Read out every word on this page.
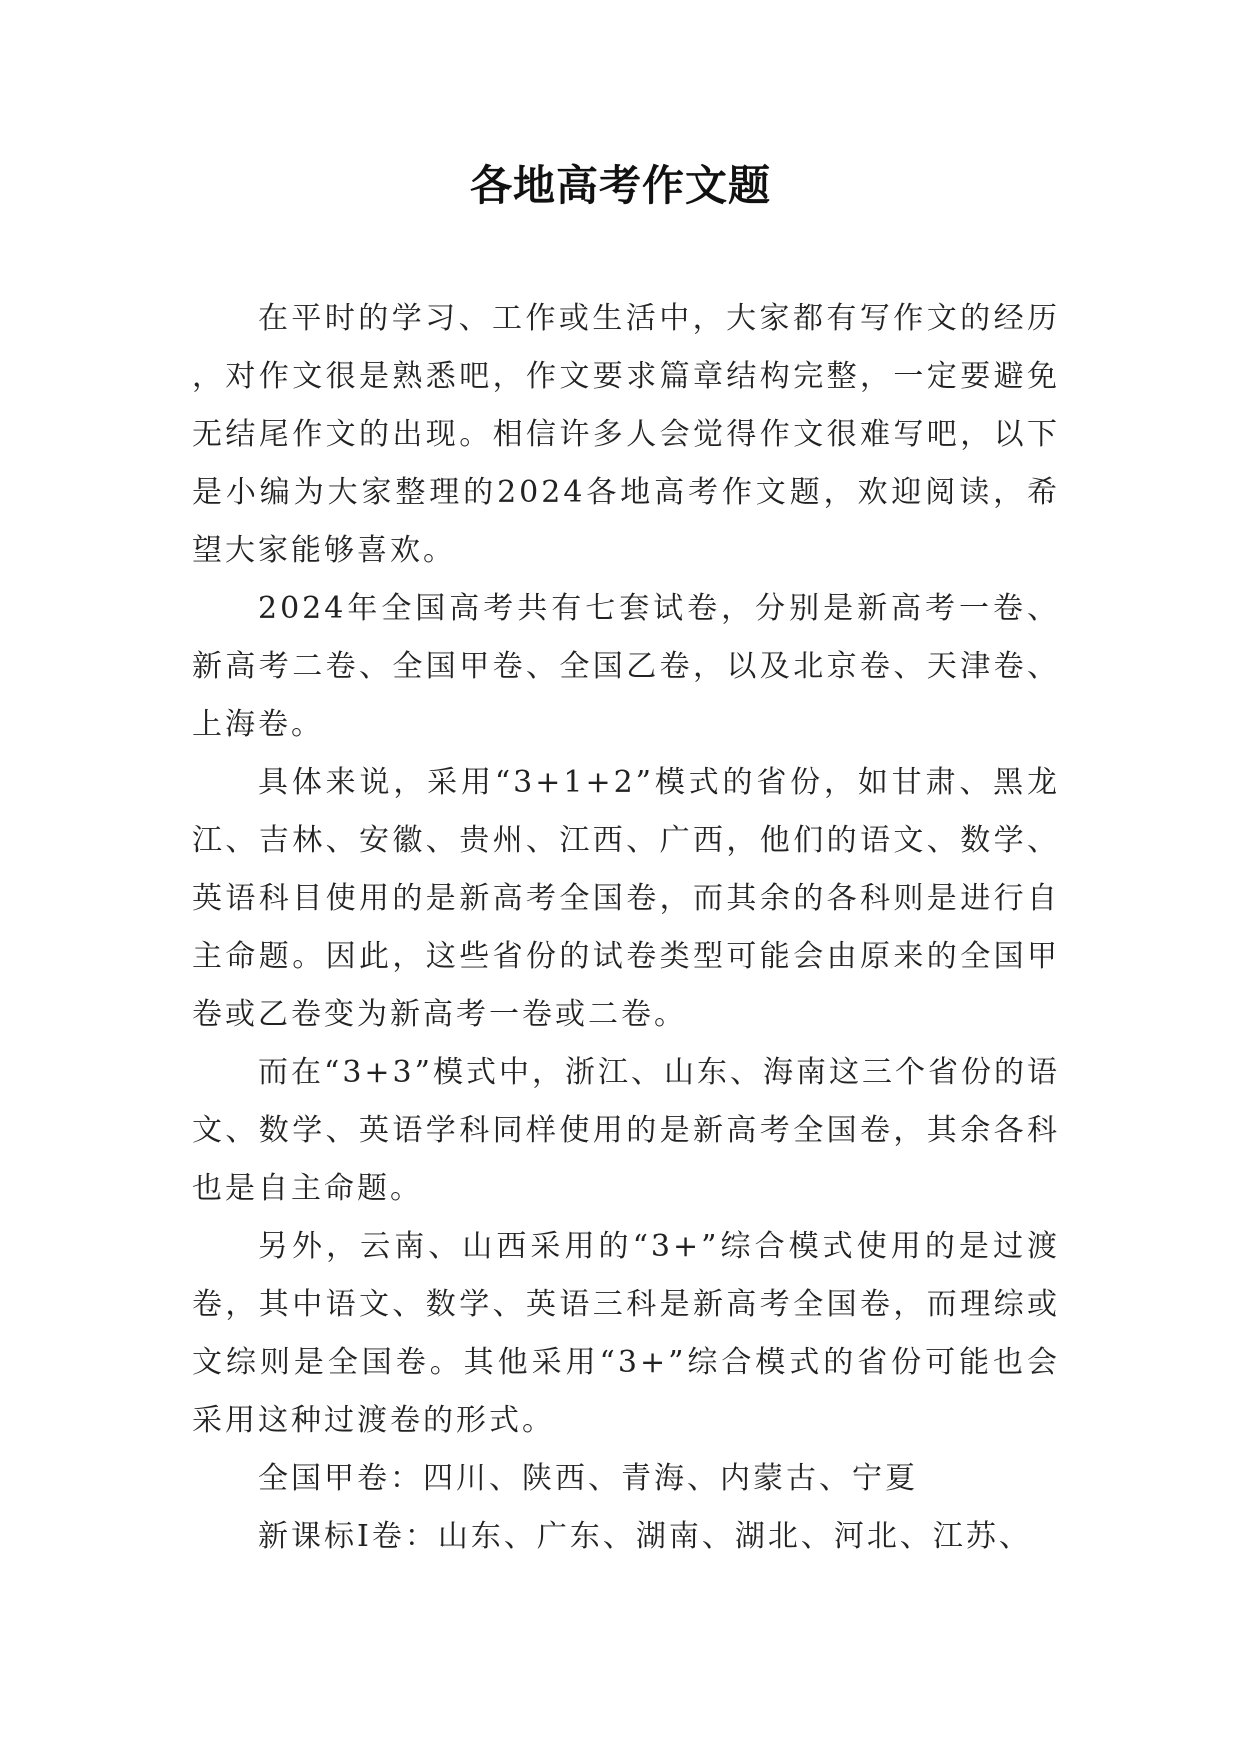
各地高考作文题

在平时的学习、工作或生活中，大家都有写作文的经历，对作文很是熟悉吧，作文要求篇章结构完整，一定要避免无结尾作文的出现。相信许多人会觉得作文很难写吧，以下是小编为大家整理的2024各地高考作文题，欢迎阅读，希望大家能够喜欢。

2024年全国高考共有七套试卷，分别是新高考一卷、新高考二卷、全国甲卷、全国乙卷，以及北京卷、天津卷、上海卷。

具体来说，采用“3+1+2”模式的省份，如甘肃、黑龙江、吉林、安徽、贵州、江西、广西，他们的语文、数学、英语科目使用的是新高考全国卷，而其余的各科则是进行自主命题。因此，这些省份的试卷类型可能会由原来的全国甲卷或乙卷变为新高考一卷或二卷。

而在“3+3”模式中，浙江、山东、海南这三个省份的语文、数学、英语学科同样使用的是新高考全国卷，其余各科也是自主命题。

另外，云南、山西采用的“3+”综合模式使用的是过渡卷，其中语文、数学、英语三科是新高考全国卷，而理综或文综则是全国卷。其他采用“3+”综合模式的省份可能也会采用这种过渡卷的形式。

全国甲卷：四川、陕西、青海、内蒙古、宁夏

新课标Ⅰ卷：山东、广东、湖南、湖北、河北、江苏、
